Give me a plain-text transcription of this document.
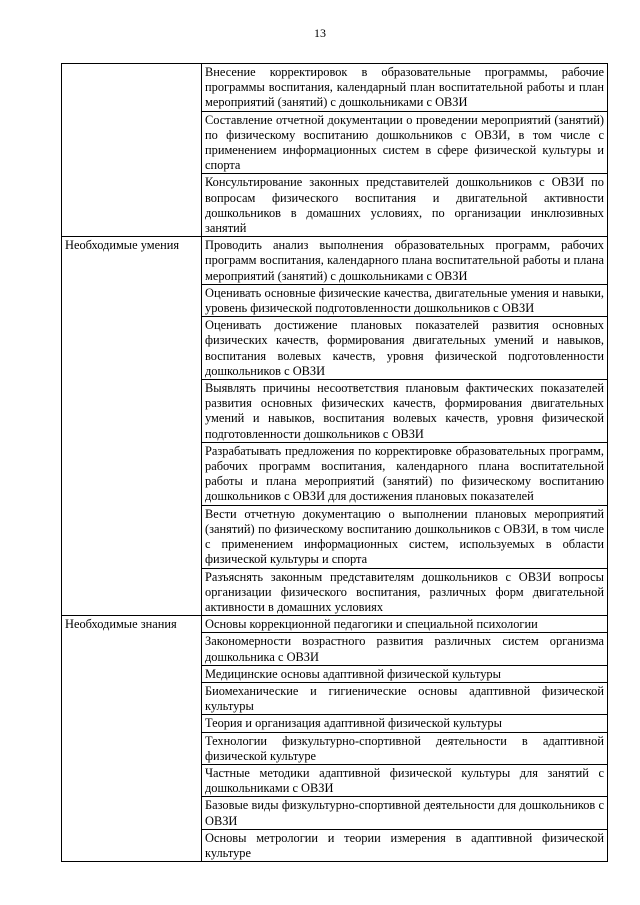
13
	Внесение корректировок в образовательные программы, рабочие программы воспитания, календарный план воспитательной работы и план мероприятий (занятий) с дошкольниками с ОВЗИ
	Составление отчетной документации о проведении мероприятий (занятий) по физическому воспитанию дошкольников с ОВЗИ, в том числе с применением информационных систем в сфере физической культуры и спорта
	Консультирование законных представителей дошкольников с ОВЗИ по вопросам физического воспитания и двигательной активности дошкольников в домашних условиях, по организации инклюзивных занятий
Необходимые умения	Проводить анализ выполнения образовательных программ, рабочих программ воспитания, календарного плана воспитательной работы и плана мероприятий (занятий) с дошкольниками с ОВЗИ
	Оценивать основные физические качества, двигательные умения и навыки, уровень физической подготовленности дошкольников с ОВЗИ
	Оценивать достижение плановых показателей развития основных физических качеств, формирования двигательных умений и навыков, воспитания волевых качеств, уровня физической подготовленности дошкольников с ОВЗИ
	Выявлять причины несоответствия плановым фактических показателей развития основных физических качеств, формирования двигательных умений и навыков, воспитания волевых качеств, уровня физической подготовленности дошкольников с ОВЗИ
	Разрабатывать предложения по корректировке образовательных программ, рабочих программ воспитания, календарного плана воспитательной работы и плана мероприятий (занятий) по физическому воспитанию дошкольников с ОВЗИ для достижения плановых показателей
	Вести отчетную документацию о выполнении плановых мероприятий (занятий) по физическому воспитанию дошкольников с ОВЗИ, в том числе с применением информационных систем, используемых в области физической культуры и спорта
	Разъяснять законным представителям дошкольников с ОВЗИ вопросы организации физического воспитания, различных форм двигательной активности в домашних условиях
Необходимые знания	Основы коррекционной педагогики и специальной психологии
	Закономерности возрастного развития различных систем организма дошкольника с ОВЗИ
	Медицинские основы адаптивной физической культуры
	Биомеханические и гигиенические основы адаптивной физической культуры
	Теория и организация адаптивной физической культуры
	Технологии физкультурно-спортивной деятельности в адаптивной физической культуре
	Частные методики адаптивной физической культуры для занятий с дошкольниками с ОВЗИ
	Базовые виды физкультурно-спортивной деятельности для дошкольников с ОВЗИ
	Основы метрологии и теории измерения в адаптивной физической культуре
